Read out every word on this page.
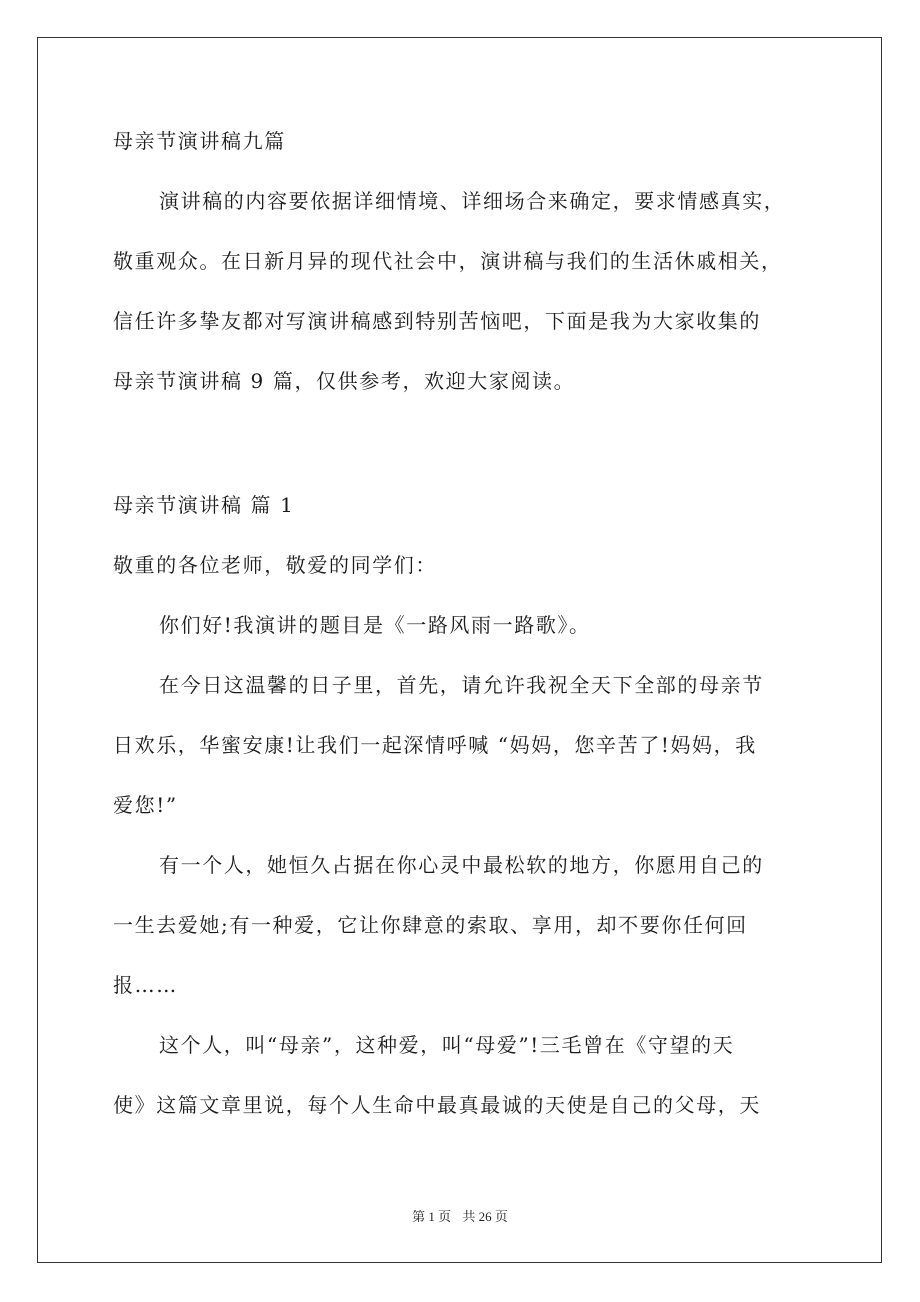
母亲节演讲稿九篇
演讲稿的内容要依据详细情境、详细场合来确定，要求情感真实，
敬重观众。在日新月异的现代社会中，演讲稿与我们的生活休戚相关，
信任许多挚友都对写演讲稿感到特别苦恼吧，下面是我为大家收集的
母亲节演讲稿 9 篇，仅供参考，欢迎大家阅读。
母亲节演讲稿 篇 1
敬重的各位老师，敬爱的同学们：
你们好!我演讲的题目是《一路风雨一路歌》。
在今日这温馨的日子里，首先，请允许我祝全天下全部的母亲节
日欢乐，华蜜安康!让我们一起深情呼喊 “妈妈，您辛苦了!妈妈，我
爱您!”
有一个人，她恒久占据在你心灵中最松软的地方，你愿用自己的
一生去爱她;有一种爱，它让你肆意的索取、享用，却不要你任何回
报……
这个人，叫“母亲”，这种爱，叫“母爱”!三毛曾在《守望的天
使》这篇文章里说，每个人生命中最真最诚的天使是自己的父母，天
第 1 页 共 26 页
